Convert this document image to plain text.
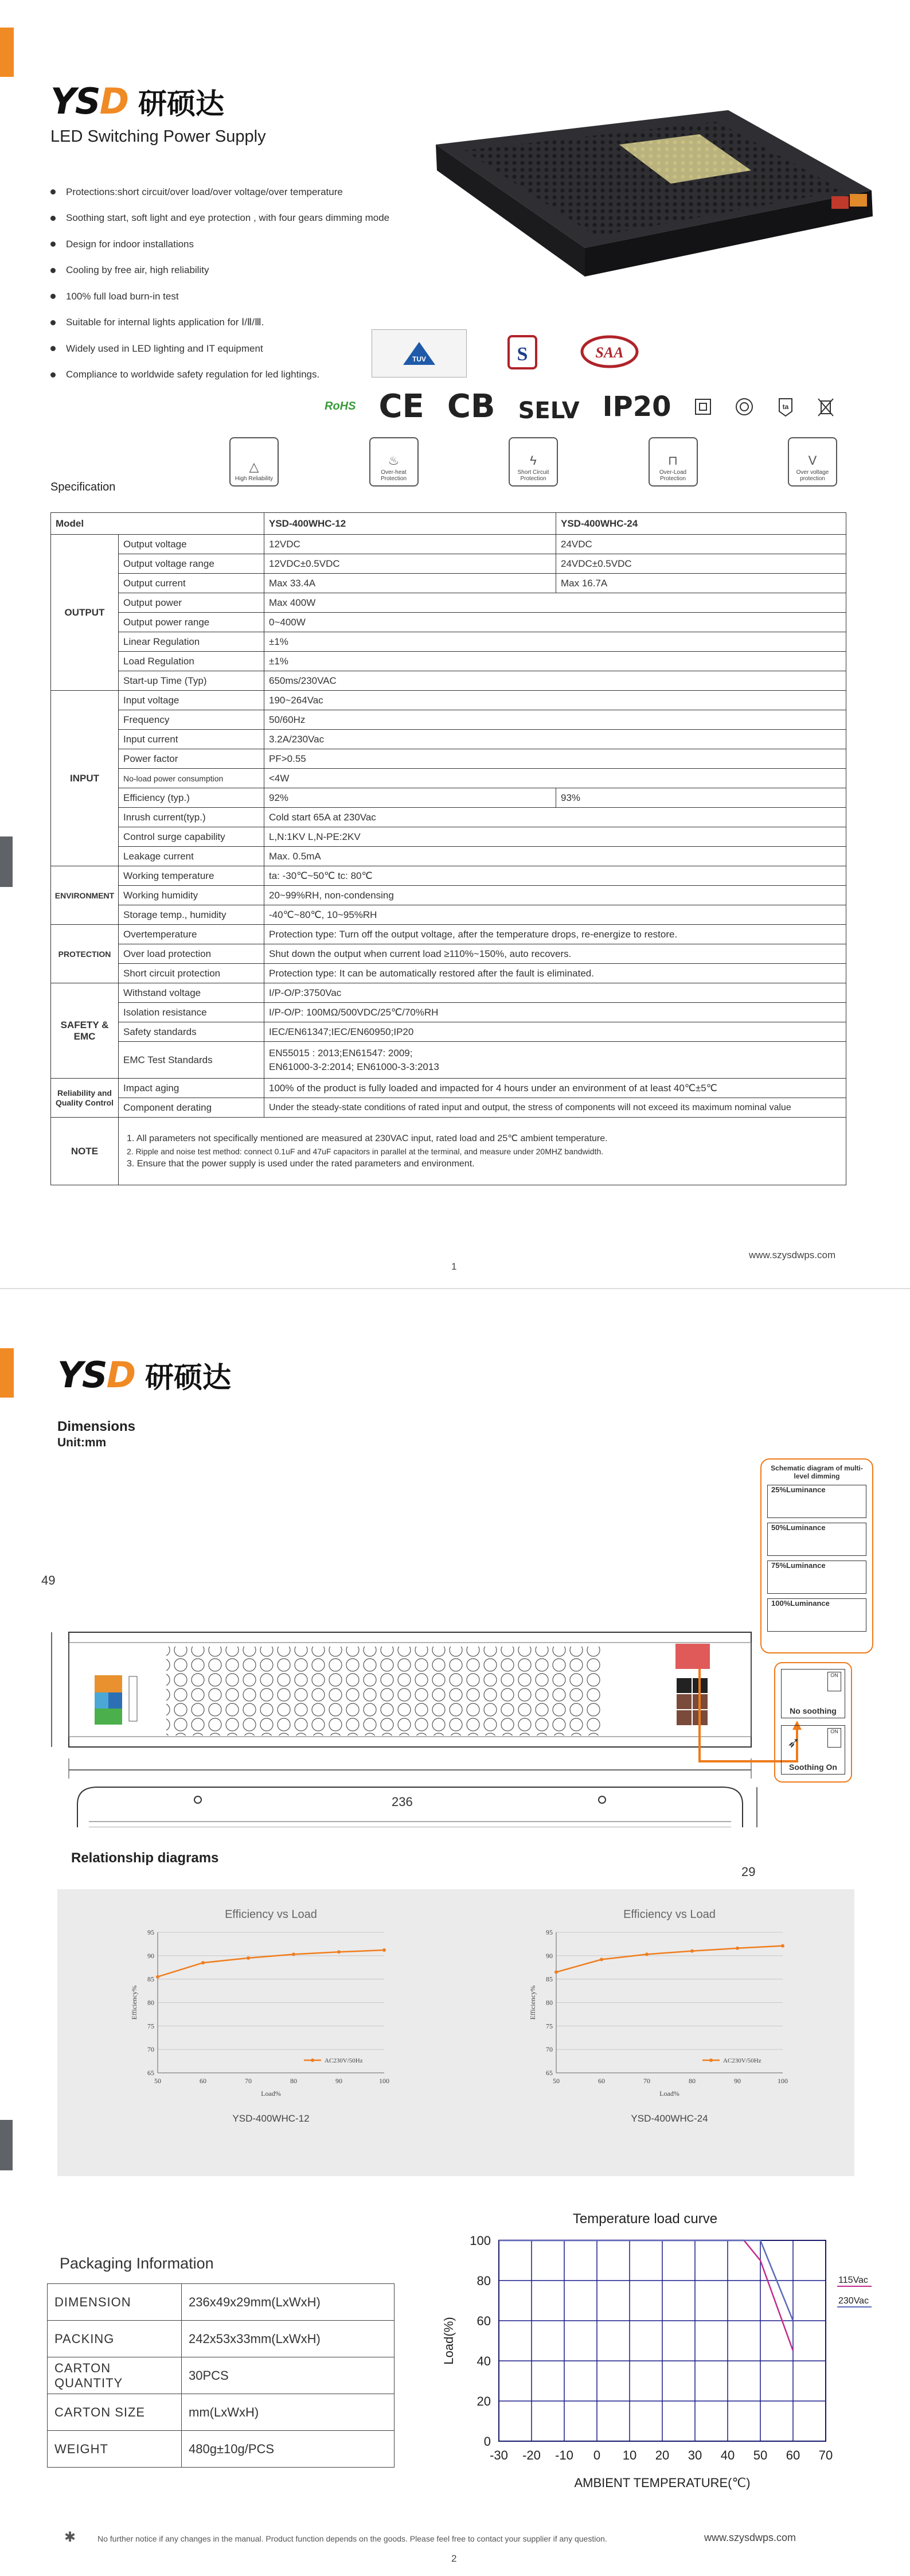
YSD 研硕达
LED Switching Power Supply
Protections:short circuit/over load/over voltage/over temperature
Soothing start, soft light and eye protection , with four gears dimming mode
Design for indoor installations
Cooling by free air, high reliability
100% full load burn-in test
Suitable for internal lights application for Ⅰ/Ⅱ/Ⅲ.
Widely used in LED lighting and IT equipment
Compliance to worldwide safety regulation for led lightings.
TUV	S	SAA
RoHS CE CB SELV IP20	ta
△
High Reliability
♨
Over-heat Protection
ϟ
Short Circuit Protection
⊓
Over-Load Protection
V
Over voltage protection
Specification
Model		YSD-400WHC-12	YSD-400WHC-24
OUTPUT	Output voltage	12VDC	24VDC
	Output voltage range	12VDC±0.5VDC	24VDC±0.5VDC
	Output current	Max 33.4A	Max 16.7A
	Output power	Max 400W	
	Output power range	0~400W	
	Linear Regulation	±1%	
	Load Regulation	±1%	
	Start-up Time (Typ)	650ms/230VAC	
INPUT	Input voltage	190~264Vac	
	Frequency	50/60Hz	
	Input current	3.2A/230Vac	
	Power factor	PF>0.55	
	No-load power consumption	<4W	
	Efficiency (typ.)	92%	93%
	Inrush current(typ.)	Cold start 65A at 230Vac	
	Control surge capability	L,N:1KV L,N-PE:2KV	
	Leakage current	Max. 0.5mA	
ENVIRONMENT	Working temperature	ta: -30℃~50℃ tc: 80℃	
	Working humidity	20~99%RH, non-condensing	
	Storage temp., humidity	-40℃~80℃, 10~95%RH	
PROTECTION	Overtemperature	Protection type: Turn off the output voltage, after the temperature drops, re-energize to restore.	
	Over load protection	Shut down the output when current load ≥110%~150%, auto recovers.	
	Short circuit protection	Protection type: It can be automatically restored after the fault is eliminated.	
SAFETY & EMC	Withstand voltage	I/P-O/P:3750Vac	
	Isolation resistance	I/P-O/P: 100MΩ/500VDC/25℃/70%RH	
	Safety standards	IEC/EN61347;IEC/EN60950;IP20	
	EMC Test Standards	EN55015 : 2013;EN61547: 2009;
EN61000-3-2:2014; EN61000-3-3:2013	

Reliability and Quality Control	Impact aging	100% of the product is fully loaded and impacted for 4 hours under an environment of at least 40℃±5℃	
	Component derating	Under the steady-state conditions of rated input and output, the stress of components will not exceed its maximum nominal value	
NOTE	1. All parameters not specifically mentioned are measured at 230VAC input, rated load and 25℃ ambient temperature.
2. Ripple and noise test method: connect 0.1uF and 47uF capacitors in parallel at the terminal, and measure under 20MHZ bandwidth.
3. Ensure that the power supply is used under the rated parameters and environment.		
www.szysdwps.com
1
YSD 研硕达
Dimensions
Unit:mm
49
236
29
Schematic diagram of multi-level dimming
25%Luminance
50%Luminance
75%Luminance
100%Luminance
ON
No soothing
ON
➶
Soothing On
Relationship diagrams
Efficiency vs Load
65
70
75
80
85
90
95
50	60	70	80	90	100
Load%
Efficiency%
AC230V/50Hz
YSD-400WHC-12
Efficiency vs Load
65
70
75
80
85
90
95
50	60	70	80	90	100
Load%
Efficiency%
AC230V/50Hz
YSD-400WHC-24
Packaging Information
DIMENSION	236x49x29mm(LxWxH)
PACKING	242x53x33mm(LxWxH)
CARTON QUANTITY	30PCS
CARTON SIZE	mm(LxWxH)
WEIGHT	480g±10g/PCS
Temperature load curve
-30 -20 -10 0 10 20 30 40 50 60 70
0
20
40
60
80
100
AMBIENT TEMPERATURE(℃)
Load(%)
115Vac
230Vac
✱	No further notice if any changes in the manual. Product function depends on the goods. Please feel free to contact your supplier if any question.	www.szysdwps.com
2
